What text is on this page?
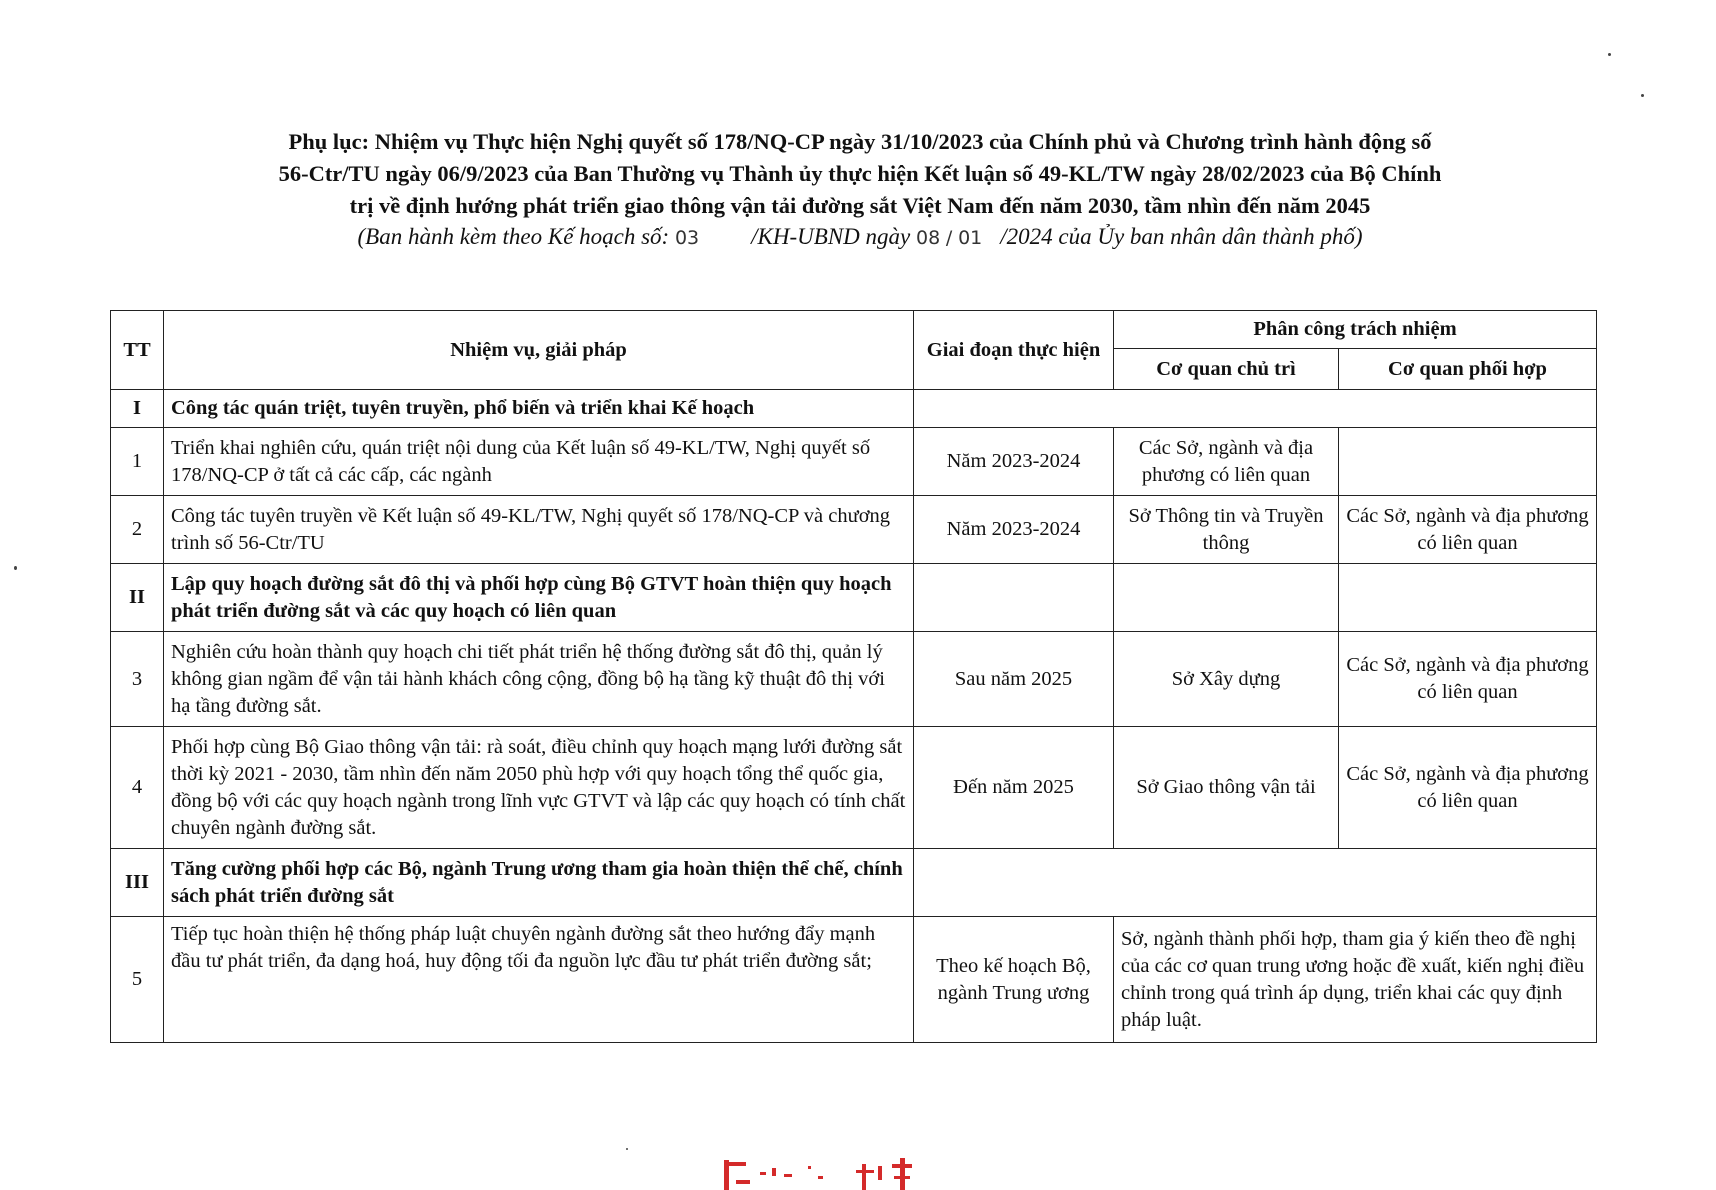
Phụ lục: Nhiệm vụ Thực hiện Nghị quyết số 178/NQ-CP ngày 31/10/2023 của Chính phủ và Chương trình hành động số
56-Ctr/TU ngày 06/9/2023 của Ban Thường vụ Thành ủy thực hiện Kết luận số 49-KL/TW ngày 28/02/2023 của Bộ Chính
trị về định hướng phát triển giao thông vận tải đường sắt Việt Nam đến năm 2030, tầm nhìn đến năm 2045
(Ban hành kèm theo Kế hoạch số: 03 /KH-UBND ngày 08 / 01 /2024 của Ủy ban nhân dân thành phố)
TT	Nhiệm vụ, giải pháp	Giai đoạn thực hiện	Phân công trách nhiệm	
			Cơ quan chủ trì	Cơ quan phối hợp
I	Công tác quán triệt, tuyên truyền, phổ biến và triển khai Kế hoạch			
1	Triển khai nghiên cứu, quán triệt nội dung của Kết luận số 49-KL/TW, Nghị quyết số 178/NQ-CP ở tất cả các cấp, các ngành	Năm 2023-2024	Các Sở, ngành và địa phương có liên quan	
2	Công tác tuyên truyền về Kết luận số 49-KL/TW, Nghị quyết số 178/NQ-CP và chương trình số 56-Ctr/TU	Năm 2023-2024	Sở Thông tin và Truyền thông	Các Sở, ngành và địa phương có liên quan
II	Lập quy hoạch đường sắt đô thị và phối hợp cùng Bộ GTVT hoàn thiện quy hoạch phát triển đường sắt và các quy hoạch có liên quan			
3	Nghiên cứu hoàn thành quy hoạch chi tiết phát triển hệ thống đường sắt đô thị, quản lý không gian ngầm để vận tải hành khách công cộng, đồng bộ hạ tầng kỹ thuật đô thị với hạ tầng đường sắt.	Sau năm 2025	Sở Xây dựng	Các Sở, ngành và địa phương có liên quan
4	Phối hợp cùng Bộ Giao thông vận tải: rà soát, điều chỉnh quy hoạch mạng lưới đường sắt thời kỳ 2021 - 2030, tầm nhìn đến năm 2050 phù hợp với quy hoạch tổng thể quốc gia, đồng bộ với các quy hoạch ngành trong lĩnh vực GTVT và lập các quy hoạch có tính chất chuyên ngành đường sắt.	Đến năm 2025	Sở Giao thông vận tải	Các Sở, ngành và địa phương có liên quan
III	Tăng cường phối hợp các Bộ, ngành Trung ương tham gia hoàn thiện thể chế, chính sách phát triển đường sắt			
5	Tiếp tục hoàn thiện hệ thống pháp luật chuyên ngành đường sắt theo hướng đẩy mạnh đầu tư phát triển, đa dạng hoá, huy động tối đa nguồn lực đầu tư phát triển đường sắt;	Theo kế hoạch Bộ, ngành Trung ương	Sở, ngành thành phối hợp, tham gia ý kiến theo đề nghị của các cơ quan trung ương hoặc đề xuất, kiến nghị điều chỉnh trong quá trình áp dụng, triển khai các quy định pháp luật.	
